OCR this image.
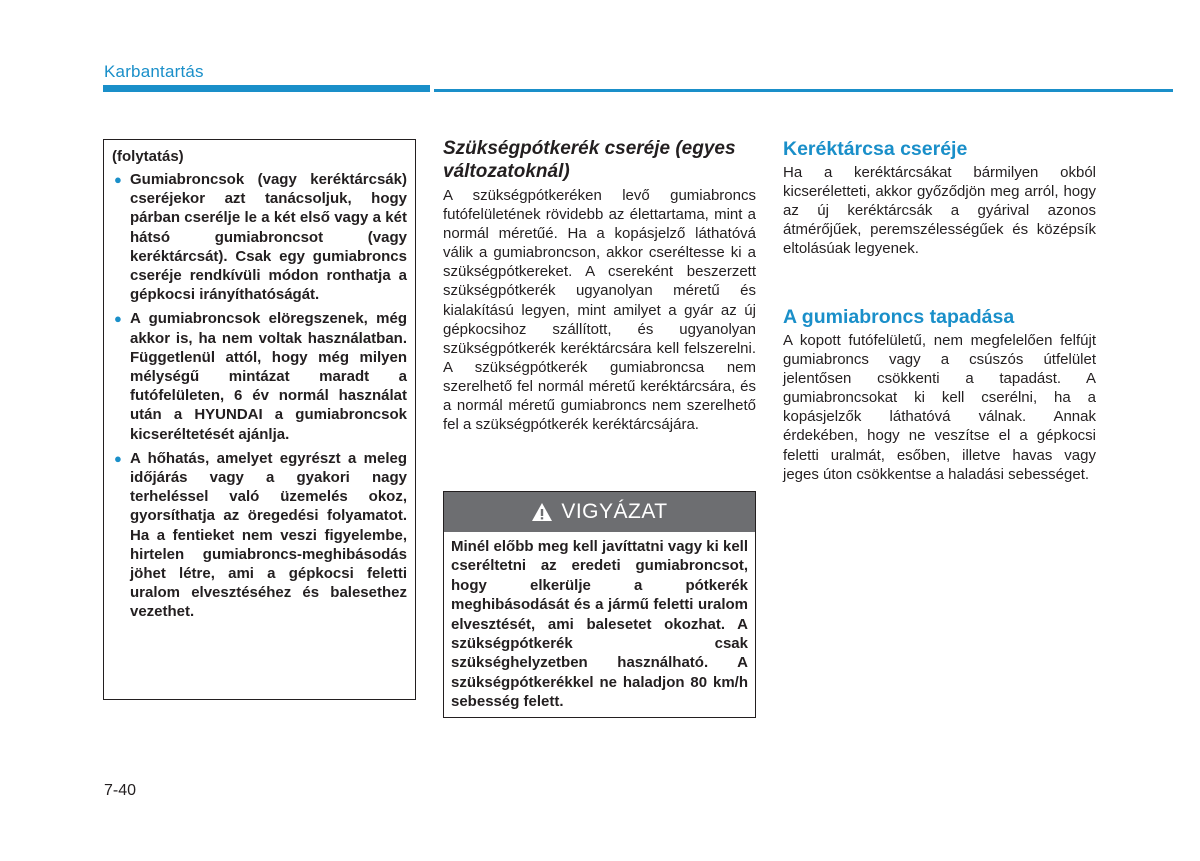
Karbantartás
(folytatás)
● Gumiabroncsok (vagy keréktárcsák) cseréjekor azt tanácsoljuk, hogy párban cserélje le a két első vagy a két hátsó gumiabroncsot (vagy keréktárcsát). Csak egy gumiabroncs cseréje rendkívüli módon ronthatja a gépkocsi irányíthatóságát.
● A gumiabroncsok elöregszenek, még akkor is, ha nem voltak használatban. Függetlenül attól, hogy még milyen mélységű mintázat maradt a futófelületen, 6 év normál használat után a HYUNDAI a gumiabroncsok kicseréltetését ajánlja.
● A hőhatás, amelyet egyrészt a meleg időjárás vagy a gyakori nagy terheléssel való üzemelés okoz, gyorsíthatja az öregedési folyamatot. Ha a fentieket nem veszi figyelembe, hirtelen gumiabroncs-meghibásodás jöhet létre, ami a gépkocsi feletti uralom elvesztéséhez és balesethez vezethet.
Szükségpótkerék cseréje (egyes változatoknál)
A szükségpótkeréken levő gumiabroncs futófelületének rövidebb az élettartama, mint a normál méretűé. Ha a kopásjelző láthatóvá válik a gumiabroncson, akkor cseréltesse ki a szükségpótkereket. A csereként beszerzett szükségpótkerék ugyanolyan méretű és kialakítású legyen, mint amilyet a gyár az új gépkocsihoz szállított, és ugyanolyan szükségpótkerék keréktárcsára kell felszerelni. A szükségpótkerék gumiabroncsa nem szerelhető fel normál méretű keréktárcsára, és a normál méretű gumiabroncs nem szerelhető fel a szükségpótkerék keréktárcsájára.
VIGYÁZAT
Minél előbb meg kell javíttatni vagy ki kell cseréltetni az eredeti gumiabroncsot, hogy elkerülje a pótkerék meghibásodását és a jármű feletti uralom elvesztését, ami balesetet okozhat. A szükségpótkerék csak szükséghelyzetben használható. A szükségpótkerékkel ne haladjon 80 km/h sebesség felett.
Keréktárcsa cseréje

Ha a keréktárcsákat bármilyen okból kicseréletteti, akkor győződjön meg arról, hogy az új keréktárcsák a gyárival azonos átmérőjűek, peremszélességűek és középsík eltolásúak legyenek.

A gumiabroncs tapadása

A kopott futófelületű, nem megfelelően felfújt gumiabroncs vagy a csúszós útfelület jelentősen csökkenti a tapadást. A gumiabroncsokat ki kell cserélni, ha a kopásjelzők láthatóvá válnak. Annak érdekében, hogy ne veszítse el a gépkocsi feletti uralmát, esőben, illetve havas vagy jeges úton csökkentse a haladási sebességet.

7-40
